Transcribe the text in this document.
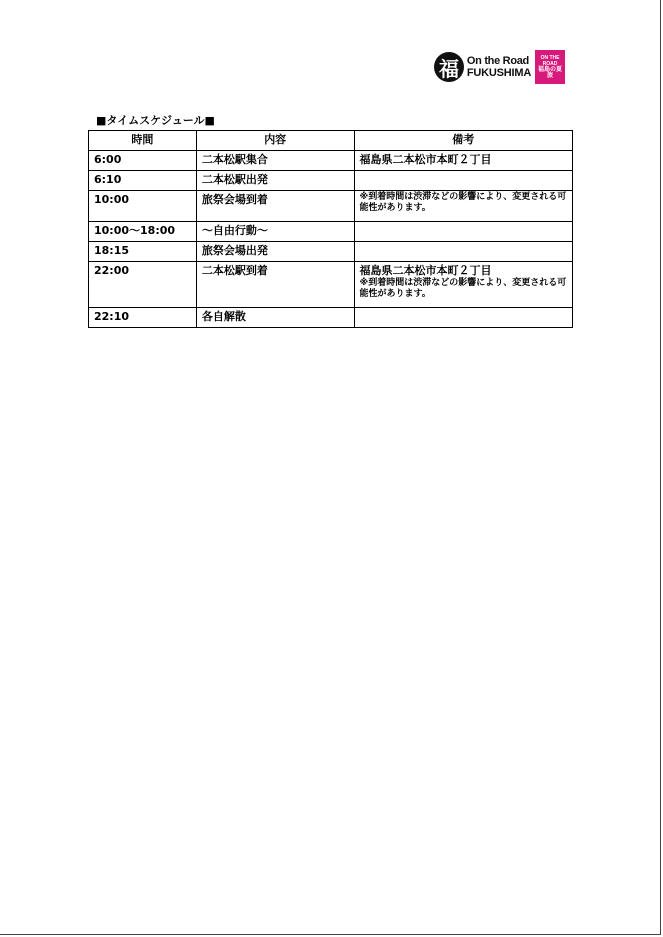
福 On the Road
FUKUSHIMA
ON THE ROAD
福島の夏旅
■タイムスケジュール■
時間	内容	備考
6:00	二本松駅集合	福島県二本松市本町２丁目

6:10	二本松駅出発	
10:00	旅祭会場到着	※到着時間は渋滞などの影響により、変更される可能性があります。

10:00〜18:00	〜自由行動〜	
18:15	旅祭会場出発	
22:00	二本松駅到着	福島県二本松市本町２丁目
※到着時間は渋滞などの影響により、変更される可能性があります。

22:10	各自解散	
